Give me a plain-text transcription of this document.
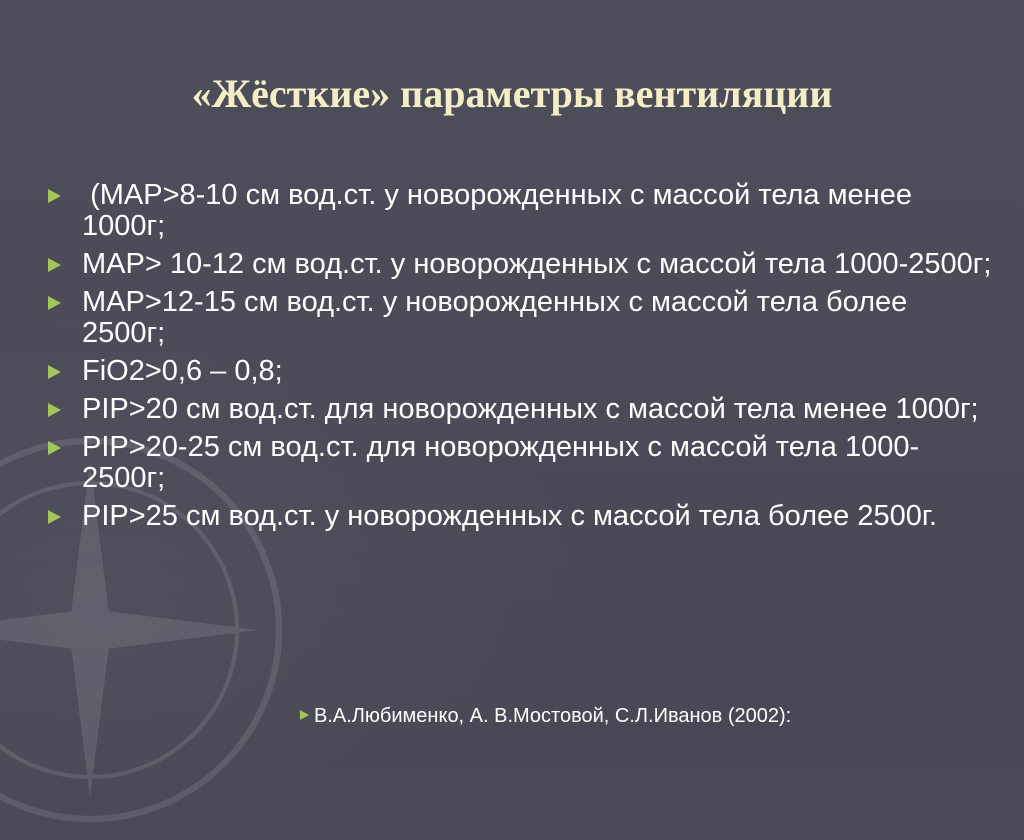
«Жёсткие» параметры вентиляции
(MAP>8-10 см вод.ст. у новорожденных с массой тела менее 1000г;
MAP> 10-12 см вод.ст. у новорожденных с массой тела 1000-2500г;
MAP>12-15 см вод.ст. у новорожденных с массой тела более 2500г;
FiO2>0,6 – 0,8;
PIP>20 см вод.ст. для новорожденных с массой тела менее 1000г;
PIP>20-25 см вод.ст. для новорожденных с массой тела 1000-2500г;
PIP>25 см вод.ст. у новорожденных с массой тела более 2500г.
В.А.Любименко, А. В.Мостовой, С.Л.Иванов (2002):
